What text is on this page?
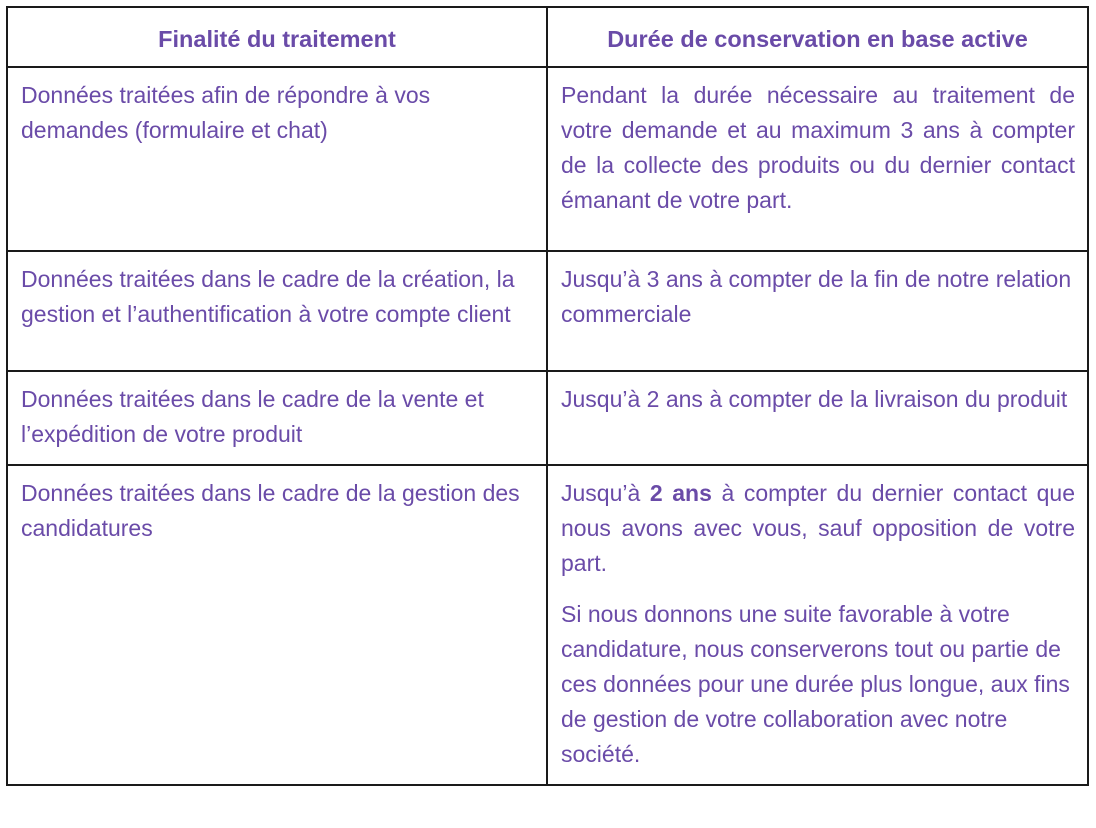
Finalité du traitement	Durée de conservation en base active

Données traitées afin de répondre à vos demandes (formulaire et chat)	Pendant la durée nécessaire au traitement de votre demande et au maximum 3 ans à compter de la collecte des produits ou du dernier contact émanant de votre part.

Données traitées dans le cadre de la création, la gestion et l’authentification à votre compte client	Jusqu’à 3 ans à compter de la fin de notre relation commerciale

Données traitées dans le cadre de la vente et l’expédition de votre produit	Jusqu’à 2 ans à compter de la livraison du produit

Données traitées dans le cadre de la gestion des candidatures	Jusqu’à 2 ans à compter du dernier contact que nous avons avec vous, sauf opposition de votre part.

Si nous donnons une suite favorable à votre candidature, nous conserverons tout ou partie de ces données pour une durée plus longue, aux fins de gestion de votre collaboration avec notre société.
